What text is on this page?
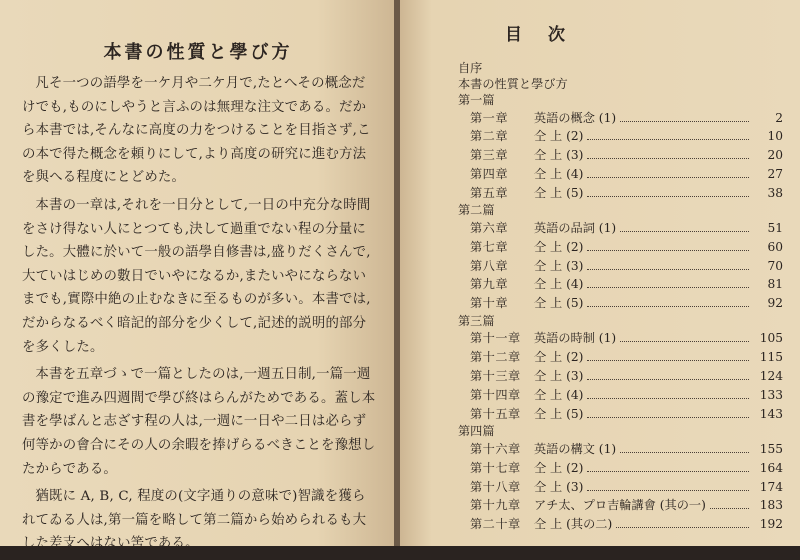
本書の性質と學び方

凡そ一つの語學を一ケ月や二ケ月で,たとへその概念だけでも,ものにしやうと言ふのは無理な注文である。だから本書では,そんなに高度の力をつけることを目指さず,この本で得た概念を頼りにして,より高度の研究に進む方法を與へる程度にとどめた。

本書の一章は,それを一日分として,一日の中充分な時間をさけ得ない人にとつても,決して過重でない程の分量にした。大體に於いて一般の語學自修書は,盛りだくさんで,大ていはじめの數日でいやになるか,またいやにならないまでも,實際中絶の止むなきに至るものが多い。本書では,だからなるべく暗記的部分を少くして,記述的説明的部分を多くした。

本書を五章づゝで一篇としたのは,一週五日制,一篇一週の豫定で進み四週間で學び終はらんがためである。蓋し本書を學ばんと志ざす程の人は,一週に一日や二日は必らず何等かの會合にその人の余暇を捧げらるべきことを豫想したからである。

猶既に A, B, C, 程度の(文字通りの意味で)智識を獲られてゐる人は,第一篇を略して第二篇から始められるも大した差支へはない筈である。

目次
自序
本書の性質と學び方
第一篇
第一章	英語の概念 (1)	2
第二章	仝 上 (2)	10
第三章	仝 上 (3)	20
第四章	仝 上 (4)	27
第五章	仝 上 (5)	38
第二篇
第六章	英語の品詞 (1)	51
第七章	仝 上 (2)	60
第八章	仝 上 (3)	70
第九章	仝 上 (4)	81
第十章	仝 上 (5)	92
第三篇
第十一章	英語の時制 (1)	105
第十二章	仝 上 (2)	115
第十三章	仝 上 (3)	124
第十四章	仝 上 (4)	133
第十五章	仝 上 (5)	143
第四篇
第十六章	英語の構文 (1)	155
第十七章	仝 上 (2)	164
第十八章	仝 上 (3)	174
第十九章	アチ太、プロ吉輪講會 (其の一)	183
第二十章	仝 上 (其の二)	192
